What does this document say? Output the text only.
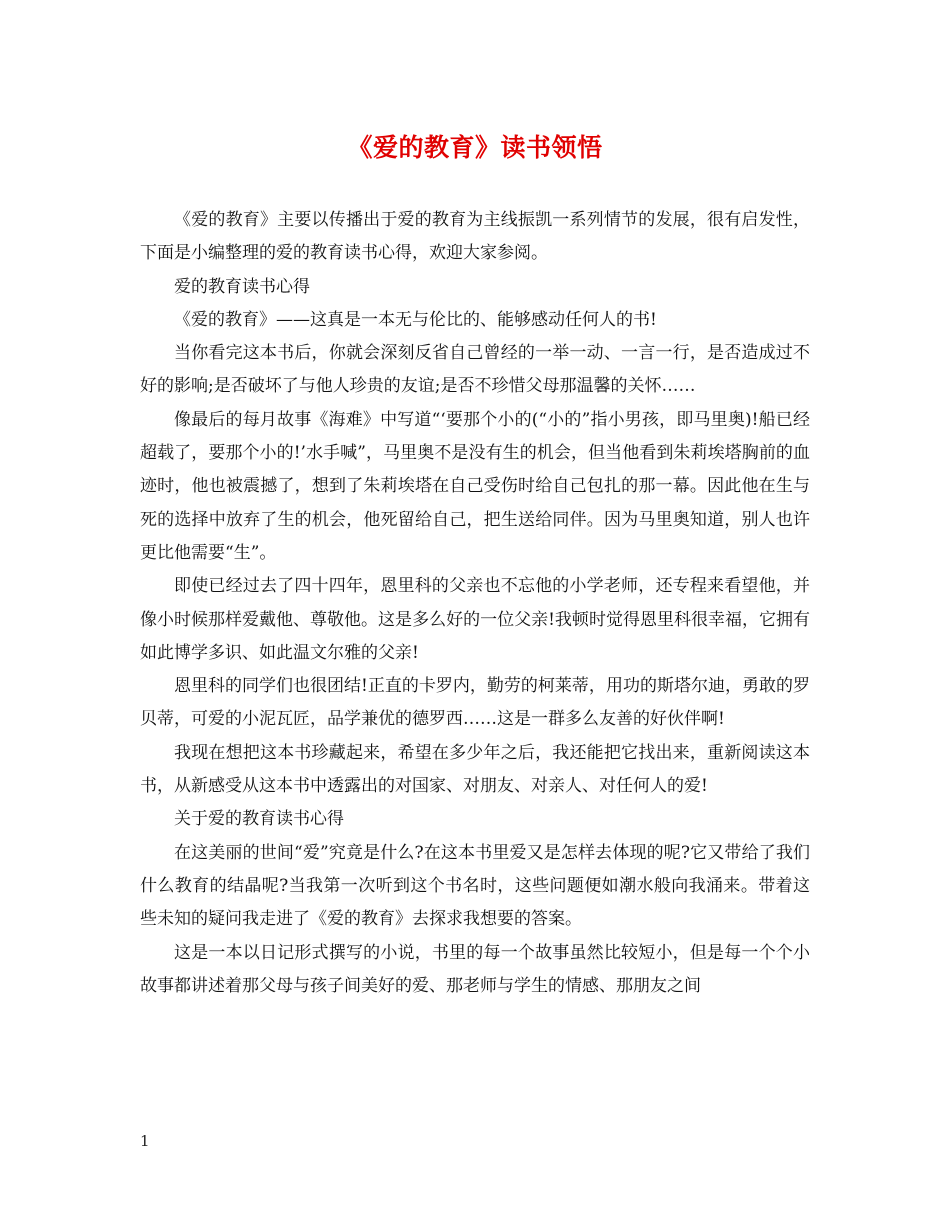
《爱的教育》读书领悟

《爱的教育》主要以传播出于爱的教育为主线振凯一系列情节的发展，很有启发性，下面是小编整理的爱的教育读书心得，欢迎大家参阅。

爱的教育读书心得

《爱的教育》——这真是一本无与伦比的、能够感动任何人的书!

当你看完这本书后，你就会深刻反省自己曾经的一举一动、一言一行，是否造成过不好的影响;是否破坏了与他人珍贵的友谊;是否不珍惜父母那温馨的关怀……

像最后的每月故事《海难》中写道“‘要那个小的(“小的”指小男孩，即马里奥)!船已经超载了，要那个小的!’水手喊”，马里奥不是没有生的机会，但当他看到朱莉埃塔胸前的血迹时，他也被震撼了，想到了朱莉埃塔在自己受伤时给自己包扎的那一幕。因此他在生与死的选择中放弃了生的机会，他死留给自己，把生送给同伴。因为马里奥知道，别人也许更比他需要“生”。

即使已经过去了四十四年，恩里科的父亲也不忘他的小学老师，还专程来看望他，并像小时候那样爱戴他、尊敬他。这是多么好的一位父亲!我顿时觉得恩里科很幸福，它拥有如此博学多识、如此温文尔雅的父亲!

恩里科的同学们也很团结!正直的卡罗内，勤劳的柯莱蒂，用功的斯塔尔迪，勇敢的罗贝蒂，可爱的小泥瓦匠，品学兼优的德罗西……这是一群多么友善的好伙伴啊!

我现在想把这本书珍藏起来，希望在多少年之后，我还能把它找出来，重新阅读这本书，从新感受从这本书中透露出的对国家、对朋友、对亲人、对任何人的爱!

关于爱的教育读书心得

在这美丽的世间“爱”究竟是什么?在这本书里爱又是怎样去体现的呢?它又带给了我们什么教育的结晶呢?当我第一次听到这个书名时，这些问题便如潮水般向我涌来。带着这些未知的疑问我走进了《爱的教育》去探求我想要的答案。

这是一本以日记形式撰写的小说，书里的每一个故事虽然比较短小，但是每一个个小故事都讲述着那父母与孩子间美好的爱、那老师与学生的情感、那朋友之间

1
